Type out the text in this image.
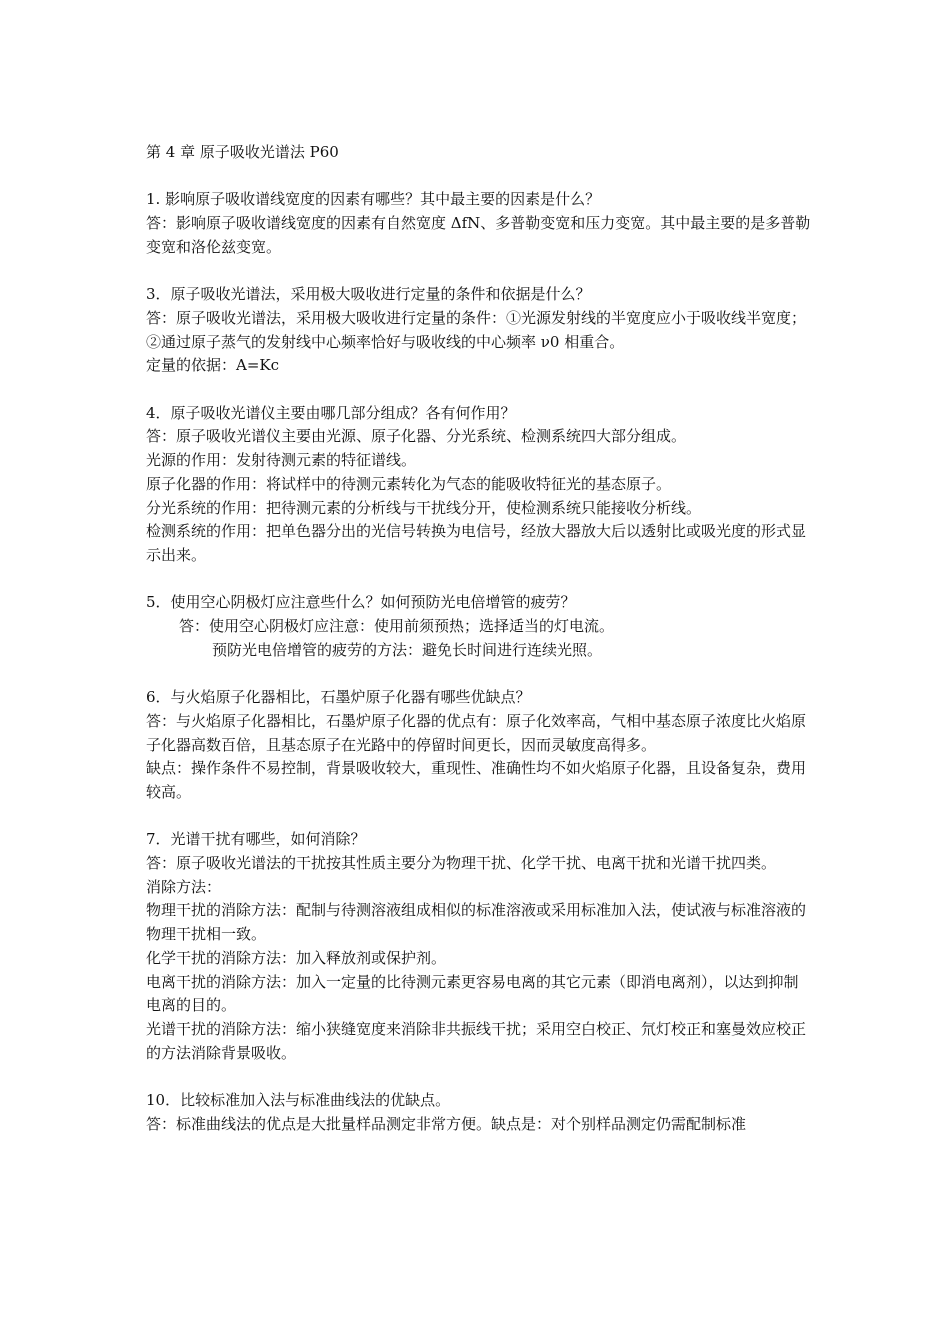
第 4 章 原子吸收光谱法 P60

1. 影响原子吸收谱线宽度的因素有哪些？其中最主要的因素是什么？

答：影响原子吸收谱线宽度的因素有自然宽度 ΔfN、多普勒变宽和压力变宽。其中最主要的是多普勒变宽和洛伦兹变宽。

3．原子吸收光谱法，采用极大吸收进行定量的条件和依据是什么？

答：原子吸收光谱法，采用极大吸收进行定量的条件：①光源发射线的半宽度应小于吸收线半宽度；②通过原子蒸气的发射线中心频率恰好与吸收线的中心频率 ν0 相重合。

定量的依据：A=Kc

4．原子吸收光谱仪主要由哪几部分组成？各有何作用？

答：原子吸收光谱仪主要由光源、原子化器、分光系统、检测系统四大部分组成。

光源的作用：发射待测元素的特征谱线。

原子化器的作用：将试样中的待测元素转化为气态的能吸收特征光的基态原子。

分光系统的作用：把待测元素的分析线与干扰线分开，使检测系统只能接收分析线。

检测系统的作用：把单色器分出的光信号转换为电信号，经放大器放大后以透射比或吸光度的形式显示出来。

5．使用空心阴极灯应注意些什么？如何预防光电倍增管的疲劳？

答：使用空心阴极灯应注意：使用前须预热；选择适当的灯电流。

预防光电倍增管的疲劳的方法：避免长时间进行连续光照。

6．与火焰原子化器相比，石墨炉原子化器有哪些优缺点？

答：与火焰原子化器相比，石墨炉原子化器的优点有：原子化效率高，气相中基态原子浓度比火焰原子化器高数百倍，且基态原子在光路中的停留时间更长，因而灵敏度高得多。

缺点：操作条件不易控制，背景吸收较大，重现性、准确性均不如火焰原子化器，且设备复杂，费用较高。

7．光谱干扰有哪些，如何消除？

答：原子吸收光谱法的干扰按其性质主要分为物理干扰、化学干扰、电离干扰和光谱干扰四类。

消除方法：

物理干扰的消除方法：配制与待测溶液组成相似的标准溶液或采用标准加入法，使试液与标准溶液的物理干扰相一致。

化学干扰的消除方法：加入释放剂或保护剂。

电离干扰的消除方法：加入一定量的比待测元素更容易电离的其它元素（即消电离剂），以达到抑制电离的目的。

光谱干扰的消除方法：缩小狭缝宽度来消除非共振线干扰；采用空白校正、氘灯校正和塞曼效应校正的方法消除背景吸收。

10．比较标准加入法与标准曲线法的优缺点。

答：标准曲线法的优点是大批量样品测定非常方便。缺点是：对个别样品测定仍需配制标准
